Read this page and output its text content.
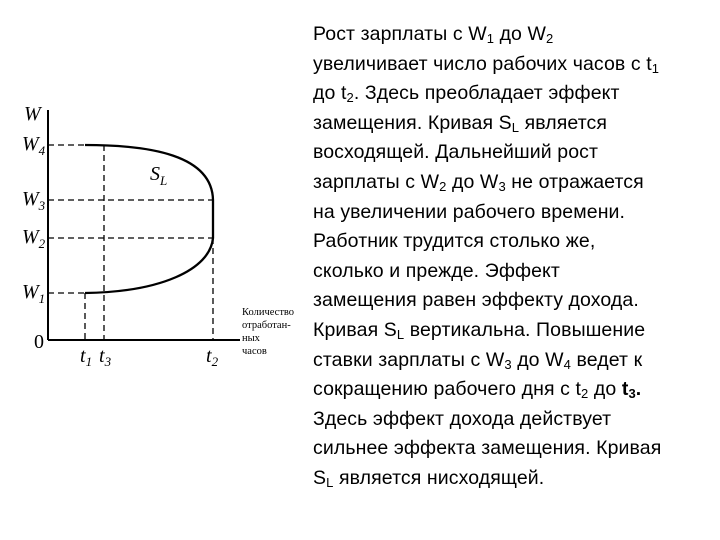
W
$W_4$
$W_3$
$W_2$
$W_1$
0
$S_L$
$t_1$ $t_3$	$t_2$
Количество
отработан-
ных
часов
Рост зарплаты с $W_1$ до $W_2$
увеличивает число рабочих часов с $t_1$
до $t_2$. Здесь преобладает эффект
замещения. Кривая $S_L$ является
восходящей. Дальнейший рост
зарплаты с $W_2$ до $W_3$ не отражается
на увеличении рабочего времени.
Работник трудится столько же,
сколько и прежде. Эффект
замещения равен эффекту дохода.
Кривая $S_L$ вертикальна. Повышение
ставки зарплаты с $W_3$ до $W_4$ ведет к
сокращению рабочего дня с $t_2$ до $t_3$.
Здесь эффект дохода действует
сильнее эффекта замещения. Кривая
$S_L$ является нисходящей.
